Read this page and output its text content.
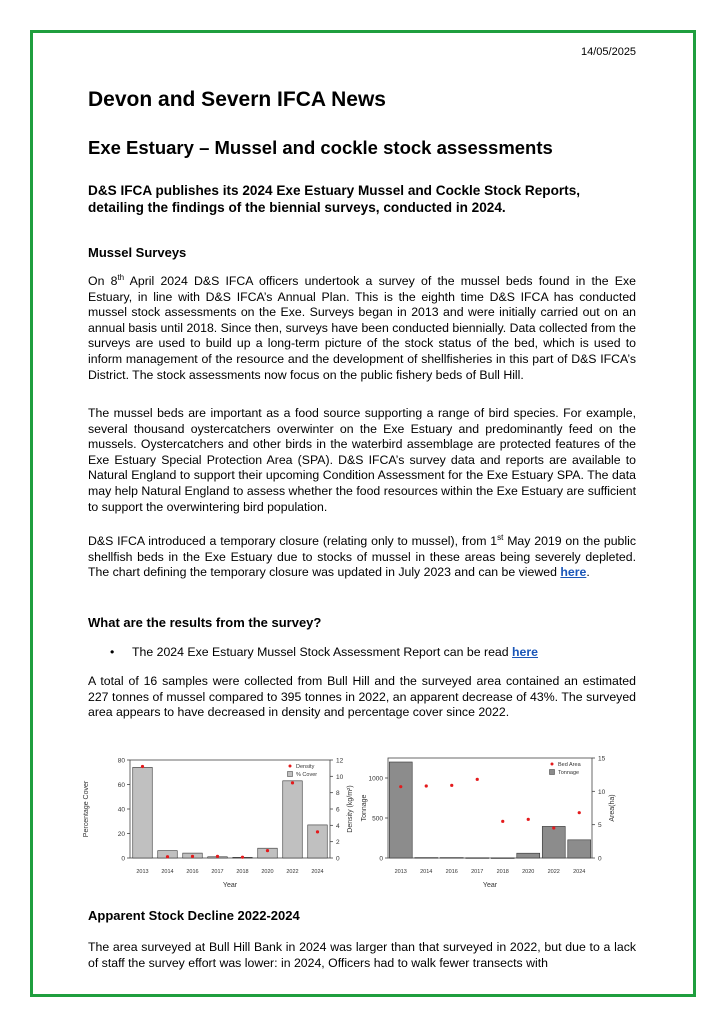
14/05/2025
Devon and Severn IFCA News
Exe Estuary – Mussel and cockle stock assessments
D&S IFCA publishes its 2024 Exe Estuary Mussel and Cockle Stock Reports, detailing the findings of the biennial surveys, conducted in 2024.
Mussel Surveys
On 8th April 2024 D&S IFCA officers undertook a survey of the mussel beds found in the Exe Estuary, in line with D&S IFCA’s Annual Plan. This is the eighth time D&S IFCA has conducted mussel stock assessments on the Exe. Surveys began in 2013 and were initially carried out on an annual basis until 2018. Since then, surveys have been conducted biennially. Data collected from the surveys are used to build up a long-term picture of the stock status of the bed, which is used to inform management of the resource and the development of shellfisheries in this part of D&S IFCA’s District. The stock assessments now focus on the public fishery beds of Bull Hill.
The mussel beds are important as a food source supporting a range of bird species. For example, several thousand oystercatchers overwinter on the Exe Estuary and predominantly feed on the mussels. Oystercatchers and other birds in the waterbird assemblage are protected features of the Exe Estuary Special Protection Area (SPA). D&S IFCA’s survey data and reports are available to Natural England to support their upcoming Condition Assessment for the Exe Estuary SPA. The data may help Natural England to assess whether the food resources within the Exe Estuary are sufficient to support the overwintering bird population.
D&S IFCA introduced a temporary closure (relating only to mussel), from 1st May 2019 on the public shellfish beds in the Exe Estuary due to stocks of mussel in these areas being severely depleted. The chart defining the temporary closure was updated in July 2023 and can be viewed here.
What are the results from the survey?
• The 2024 Exe Estuary Mussel Stock Assessment Report can be read here
A total of 16 samples were collected from Bull Hill and the surveyed area contained an estimated 227 tonnes of mussel compared to 395 tonnes in 2022, an apparent decrease of 43%. The surveyed area appears to have decreased in density and percentage cover since 2022.
0
20
40
60
80
0
2
4
6
8
10
12
2013 2014 2016 2017 2018 2020 2022 2024
Year
Percentage Cover	Density (kg/m²)
Density
% Cover
0
500
1000
0
5
10
15
2013 2014 2016 2017 2018 2020 2022 2024
Year
Tonnage	Area(ha)
Bed Area
Tonnage
Apparent Stock Decline 2022-2024
The area surveyed at Bull Hill Bank in 2024 was larger than that surveyed in 2022, but due to a lack of staff the survey effort was lower: in 2024, Officers had to walk fewer transects with
